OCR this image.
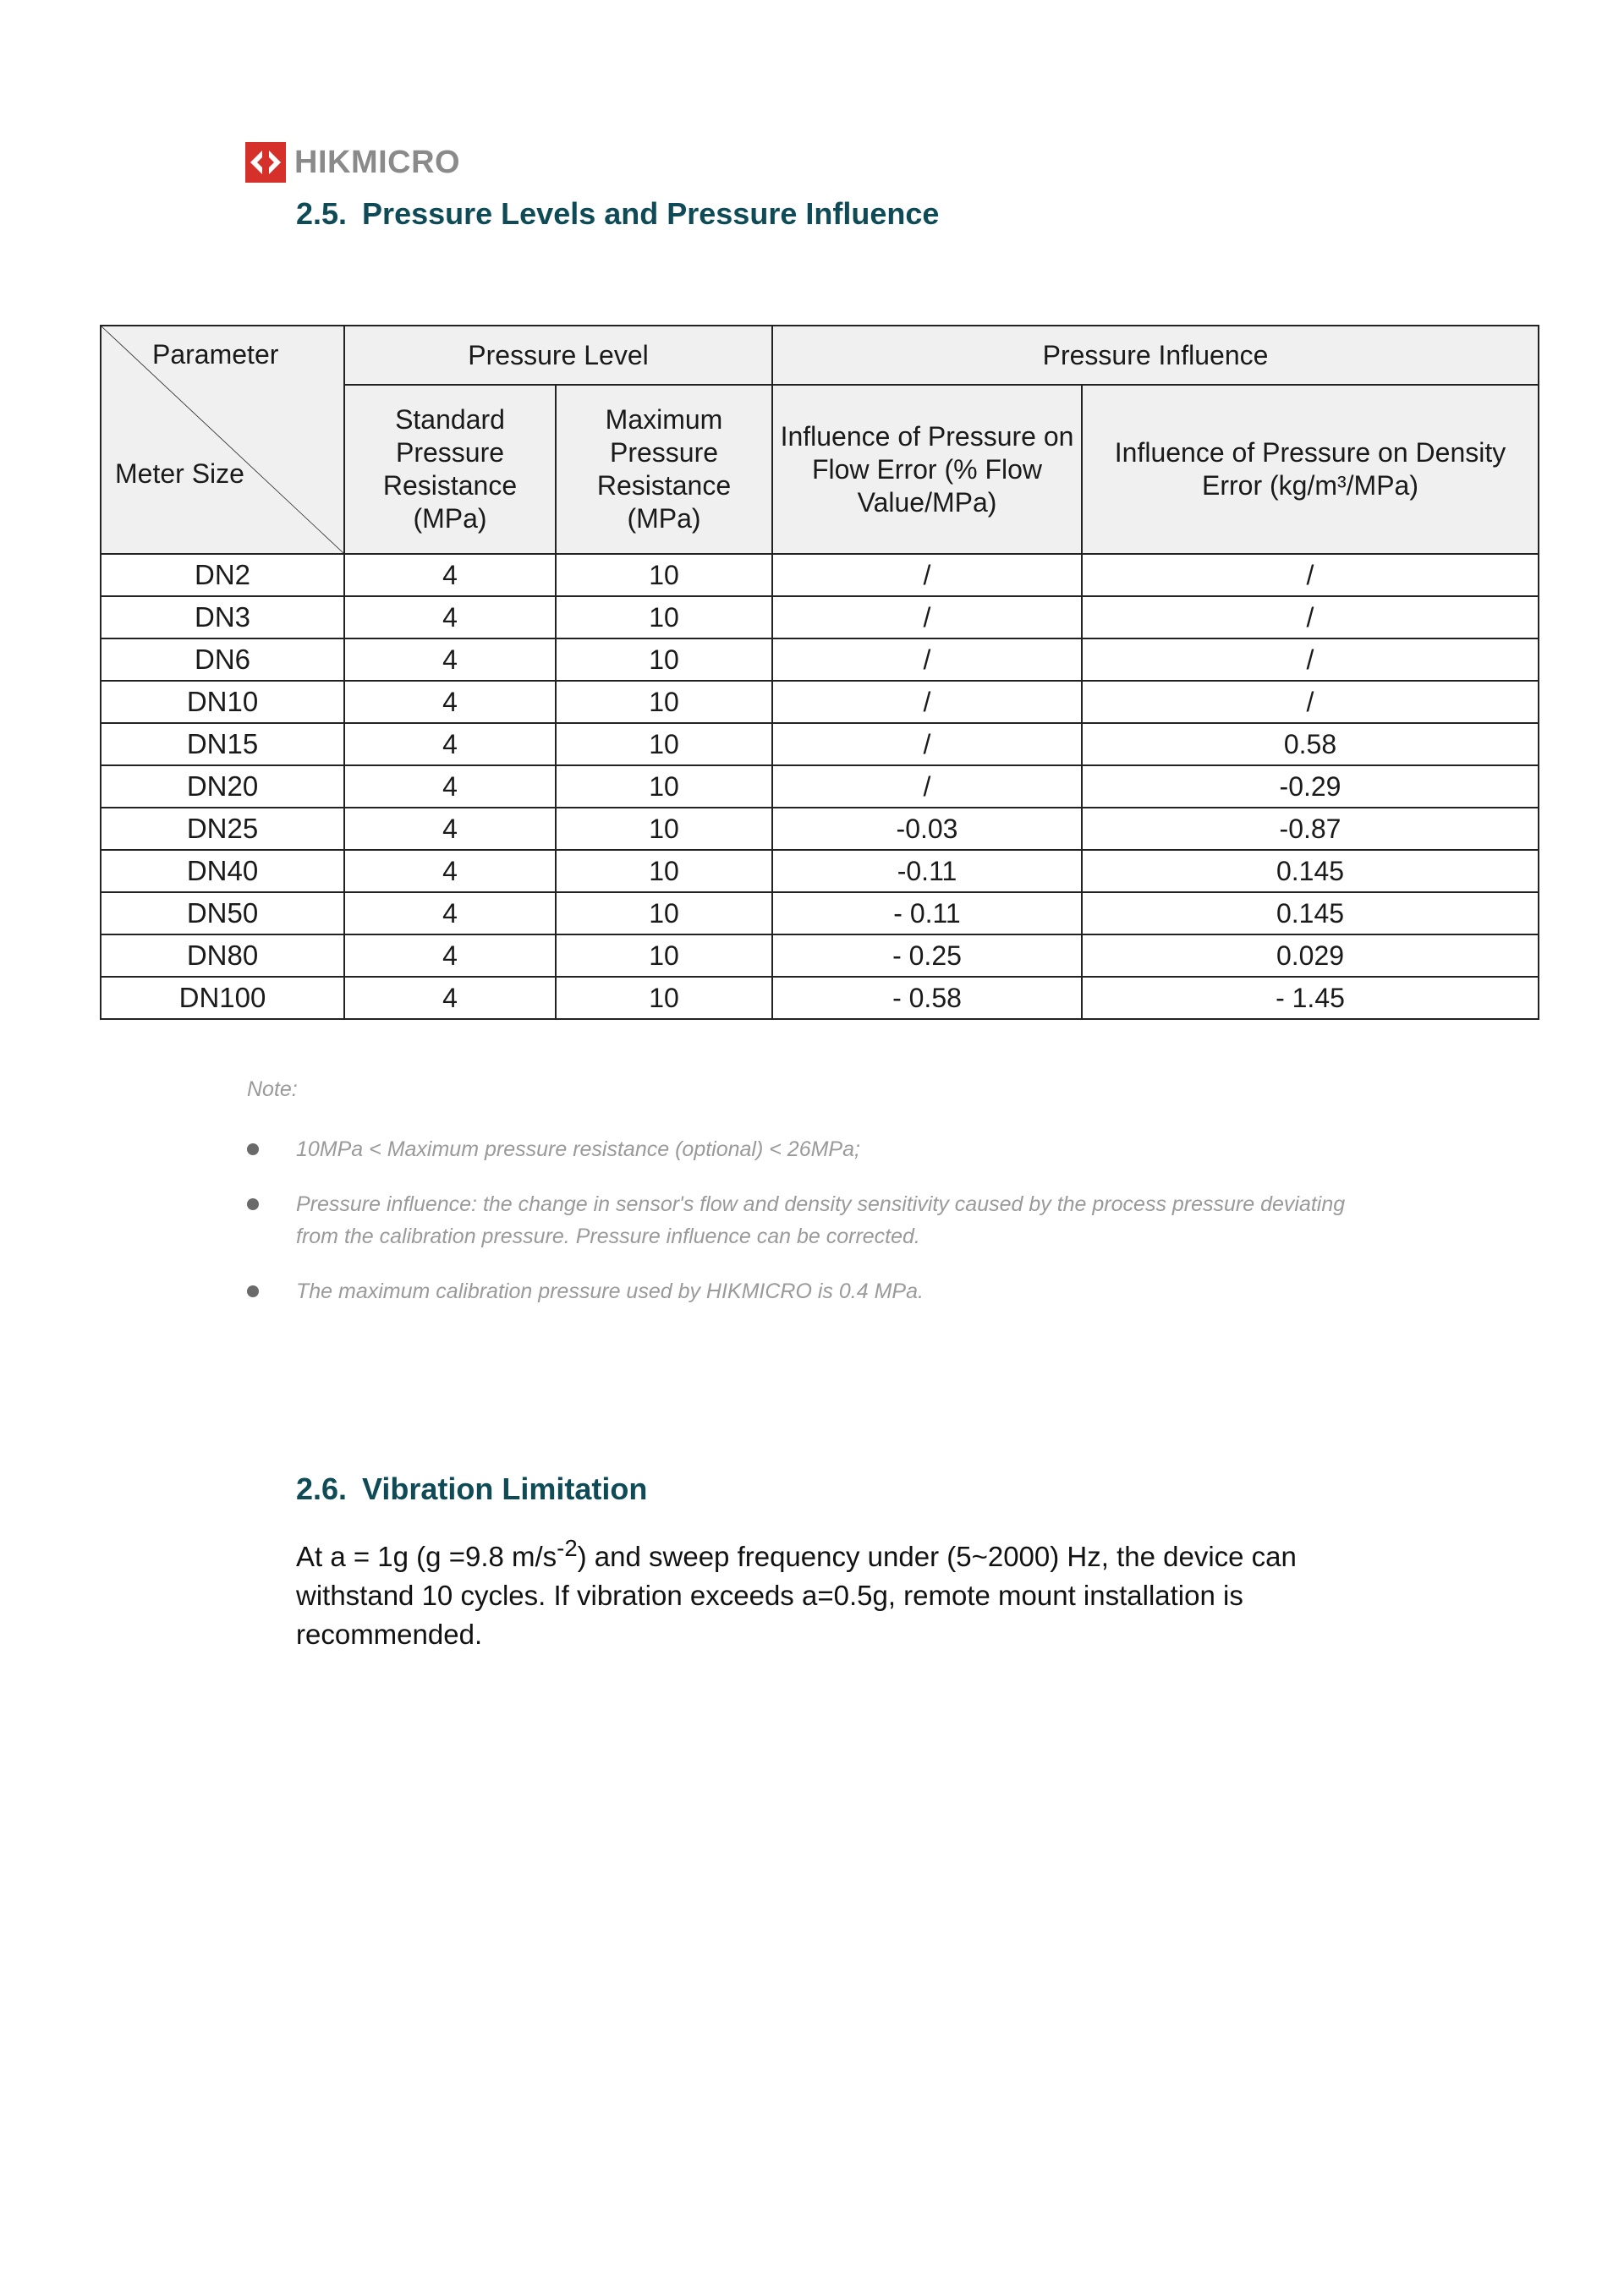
HIKMICRO
2.5. Pressure Levels and Pressure Influence
Parameter
Meter Size	Pressure Level		Pressure Influence	
	Standard Pressure Resistance (MPa)	Maximum Pressure Resistance (MPa)	Influence of Pressure on Flow Error (% Flow Value/MPa)	Influence of Pressure on Density Error (kg/m³/MPa)
DN2	4	10	/	/
DN3	4	10	/	/
DN6	4	10	/	/
DN10	4	10	/	/
DN15	4	10	/	0.58
DN20	4	10	/	-0.29
DN25	4	10	-0.03	-0.87
DN40	4	10	-0.11	0.145
DN50	4	10	- 0.11	0.145
DN80	4	10	- 0.25	0.029
DN100	4	10	- 0.58	- 1.45
Note:
10MPa < Maximum pressure resistance (optional) < 26MPa;
Pressure influence: the change in sensor's flow and density sensitivity caused by the process pressure deviating from the calibration pressure. Pressure influence can be corrected.
The maximum calibration pressure used by HIKMICRO is 0.4 MPa.
2.6. Vibration Limitation

At a = 1g (g =9.8 $m/s^{-2}$) and sweep frequency under (5~2000) Hz, the device can withstand 10 cycles. If vibration exceeds a=0.5g, remote mount installation is recommended.
